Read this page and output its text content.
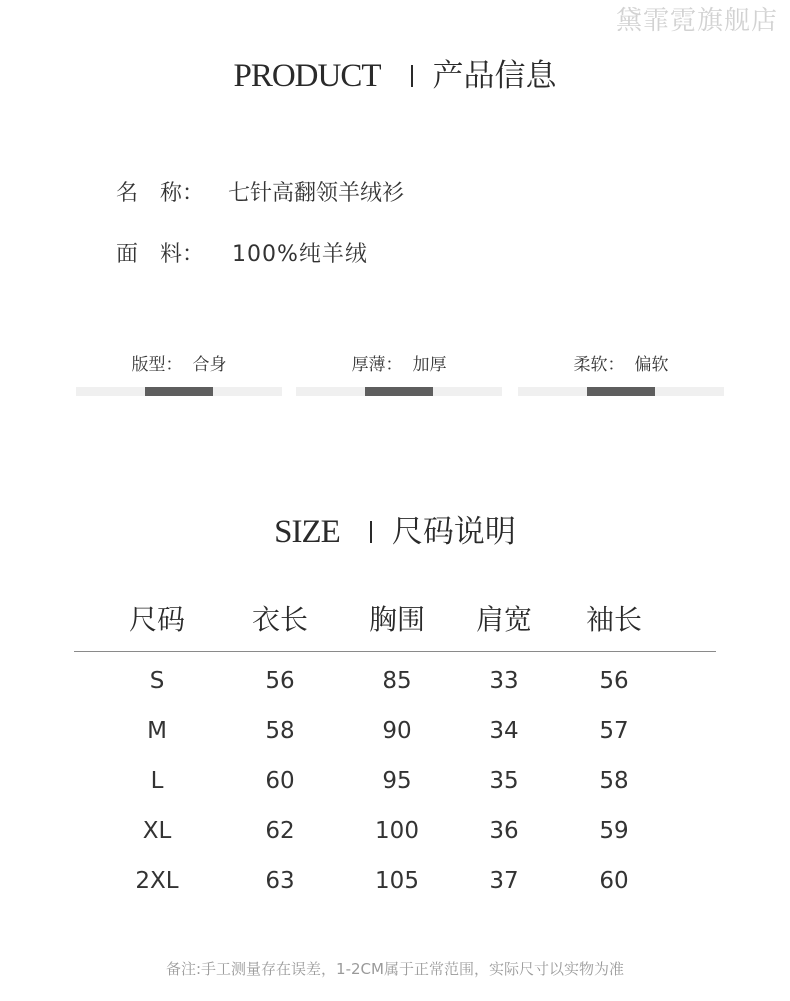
黛霏霓旗舰店
PRODUCT 产品信息
名　称： 七针高翻领羊绒衫
面　料： 100%纯羊绒
版型： 合身	厚薄： 加厚	柔软： 偏软
SIZE 尺码说明
尺码	衣长	胸围	肩宽	袖长
S	56	85	33	56
M	58	90	34	57
L	60	95	35	58
XL	62	100	36	59
2XL	63	105	37	60
备注:手工测量存在误差，1-2CM属于正常范围，实际尺寸以实物为准
